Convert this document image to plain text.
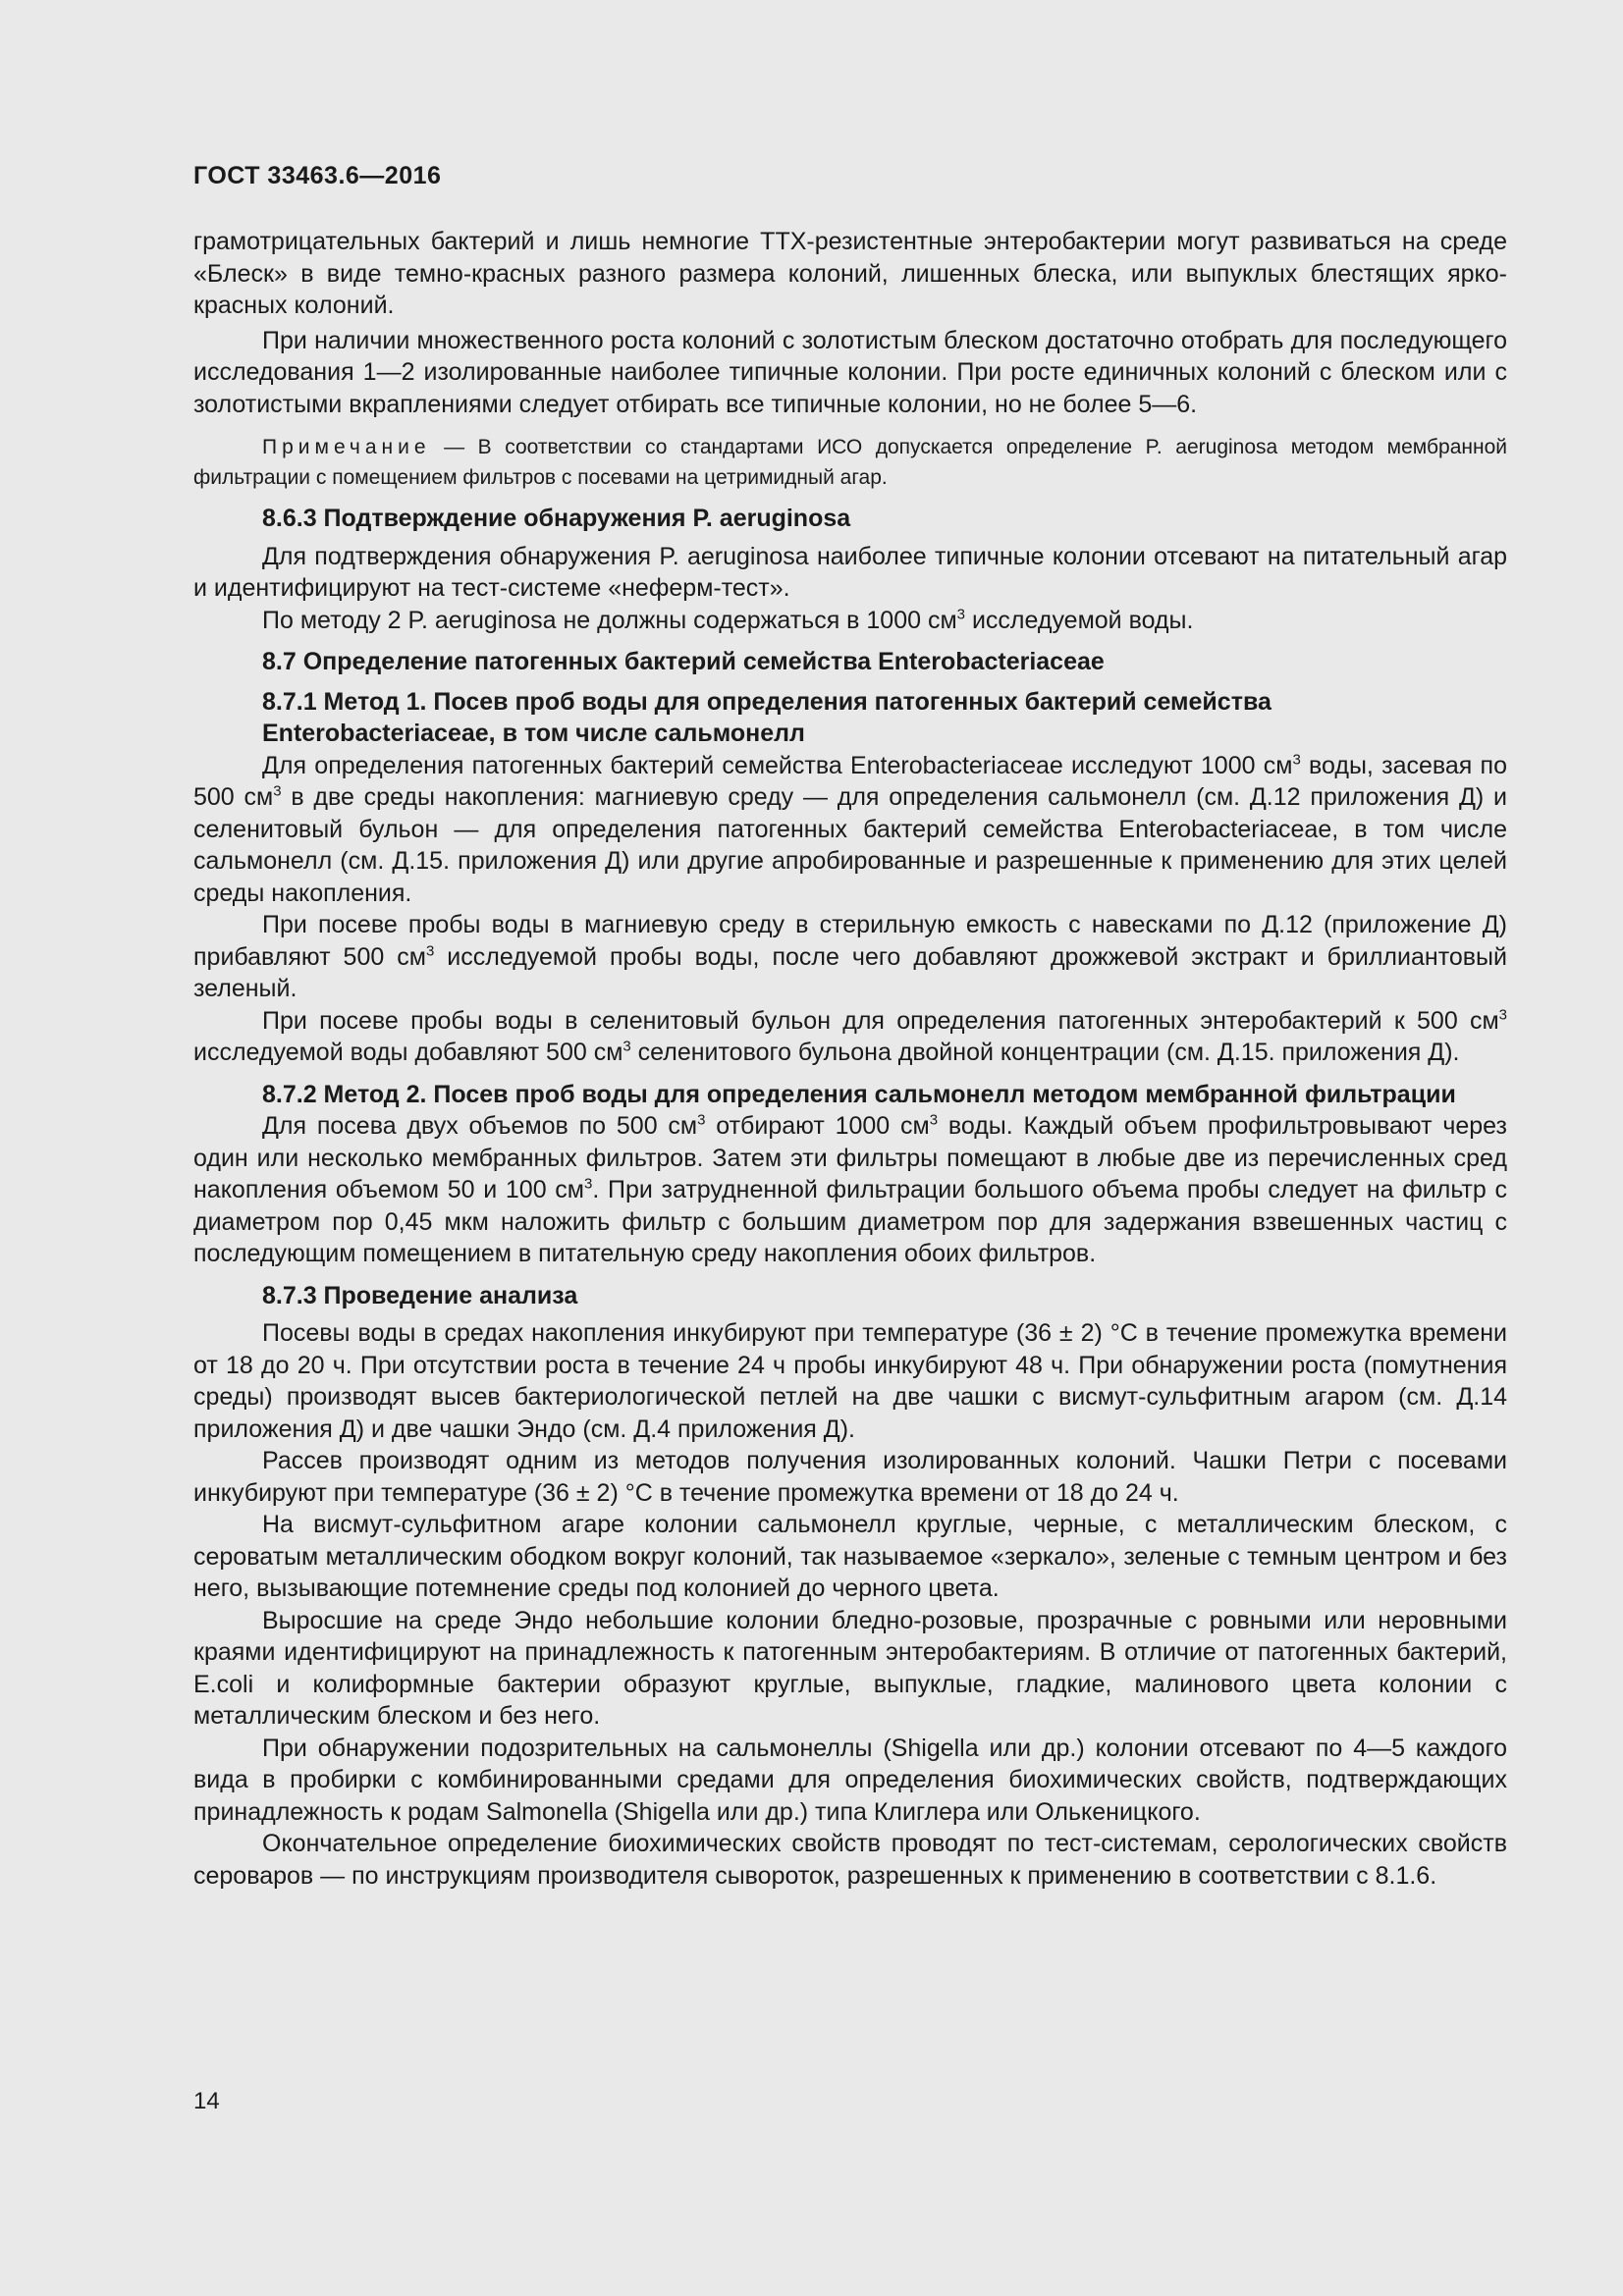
ГОСТ 33463.6—2016

грамотрицательных бактерий и лишь немногие ТТХ-резистентные энтеробактерии могут развиваться на среде «Блеск» в виде темно-красных разного размера колоний, лишенных блеска, или выпуклых блестящих ярко-красных колоний.

При наличии множественного роста колоний с золотистым блеском достаточно отобрать для последующего исследования 1—2 изолированные наиболее типичные колонии. При росте единичных колоний с блеском или с золотистыми вкраплениями следует отбирать все типичные колонии, но не более 5—6.

Примечание — В соответствии со стандартами ИСО допускается определение P. aeruginosa методом мембранной фильтрации с помещением фильтров с посевами на цетримидный агар.
8.6.3 Подтверждение обнаружения P. aeruginosa

Для подтверждения обнаружения P. aeruginosa наиболее типичные колонии отсевают на питательный агар и идентифицируют на тест-системе «неферм-тест».

По методу 2 P. aeruginosa не должны содержаться в 1000 $см^3$ исследуемой воды.

8.7 Определение патогенных бактерий семейства Enterobacteriaceae
8.7.1 Метод 1. Посев проб воды для определения патогенных бактерий семейства Enterobacteriaceae, в том числе сальмонелл

Для определения патогенных бактерий семейства Enterobacteriaceae исследуют 1000 $см^3$ воды, засевая по 500 $см^3$ в две среды накопления: магниевую среду — для определения сальмонелл (см. Д.12 приложения Д) и селенитовый бульон — для определения патогенных бактерий семейства Enterobacteriaceae, в том числе сальмонелл (см. Д.15. приложения Д) или другие апробированные и разрешенные к применению для этих целей среды накопления.

При посеве пробы воды в магниевую среду в стерильную емкость с навесками по Д.12 (приложение Д) прибавляют 500 $см^3$ исследуемой пробы воды, после чего добавляют дрожжевой экстракт и бриллиантовый зеленый.

При посеве пробы воды в селенитовый бульон для определения патогенных энтеробактерий к 500 $см^3$ исследуемой воды добавляют 500 $см^3$ селенитового бульона двойной концентрации (см. Д.15. приложения Д).

8.7.2 Метод 2. Посев проб воды для определения сальмонелл методом мембранной фильтрации

Для посева двух объемов по 500 $см^3$ отбирают 1000 $см^3$ воды. Каждый объем профильтровывают через один или несколько мембранных фильтров. Затем эти фильтры помещают в любые две из перечисленных сред накопления объемом 50 и 100 $см^3$. При затрудненной фильтрации большого объема пробы следует на фильтр с диаметром пор 0,45 мкм наложить фильтр с большим диаметром пор для задержания взвешенных частиц с последующим помещением в питательную среду накопления обоих фильтров.

8.7.3 Проведение анализа

Посевы воды в средах накопления инкубируют при температуре (36 ± 2) °С в течение промежутка времени от 18 до 20 ч. При отсутствии роста в течение 24 ч пробы инкубируют 48 ч. При обнаружении роста (помутнения среды) производят высев бактериологической петлей на две чашки с висмут-сульфитным агаром (см. Д.14 приложения Д) и две чашки Эндо (см. Д.4 приложения Д).

Рассев производят одним из методов получения изолированных колоний. Чашки Петри с посевами инкубируют при температуре (36 ± 2) °С в течение промежутка времени от 18 до 24 ч.

На висмут-сульфитном агаре колонии сальмонелл круглые, черные, с металлическим блеском, с сероватым металлическим ободком вокруг колоний, так называемое «зеркало», зеленые с темным центром и без него, вызывающие потемнение среды под колонией до черного цвета.

Выросшие на среде Эндо небольшие колонии бледно-розовые, прозрачные с ровными или неровными краями идентифицируют на принадлежность к патогенным энтеробактериям. В отличие от патогенных бактерий, E.coli и колиформные бактерии образуют круглые, выпуклые, гладкие, малинового цвета колонии с металлическим блеском и без него.

При обнаружении подозрительных на сальмонеллы (Shigella или др.) колонии отсевают по 4—5 каждого вида в пробирки с комбинированными средами для определения биохимических свойств, подтверждающих принадлежность к родам Salmonella (Shigella или др.) типа Клиглера или Олькеницкого.

Окончательное определение биохимических свойств проводят по тест-системам, серологических свойств сероваров — по инструкциям производителя сывороток, разрешенных к применению в соответствии с 8.1.6.

14
